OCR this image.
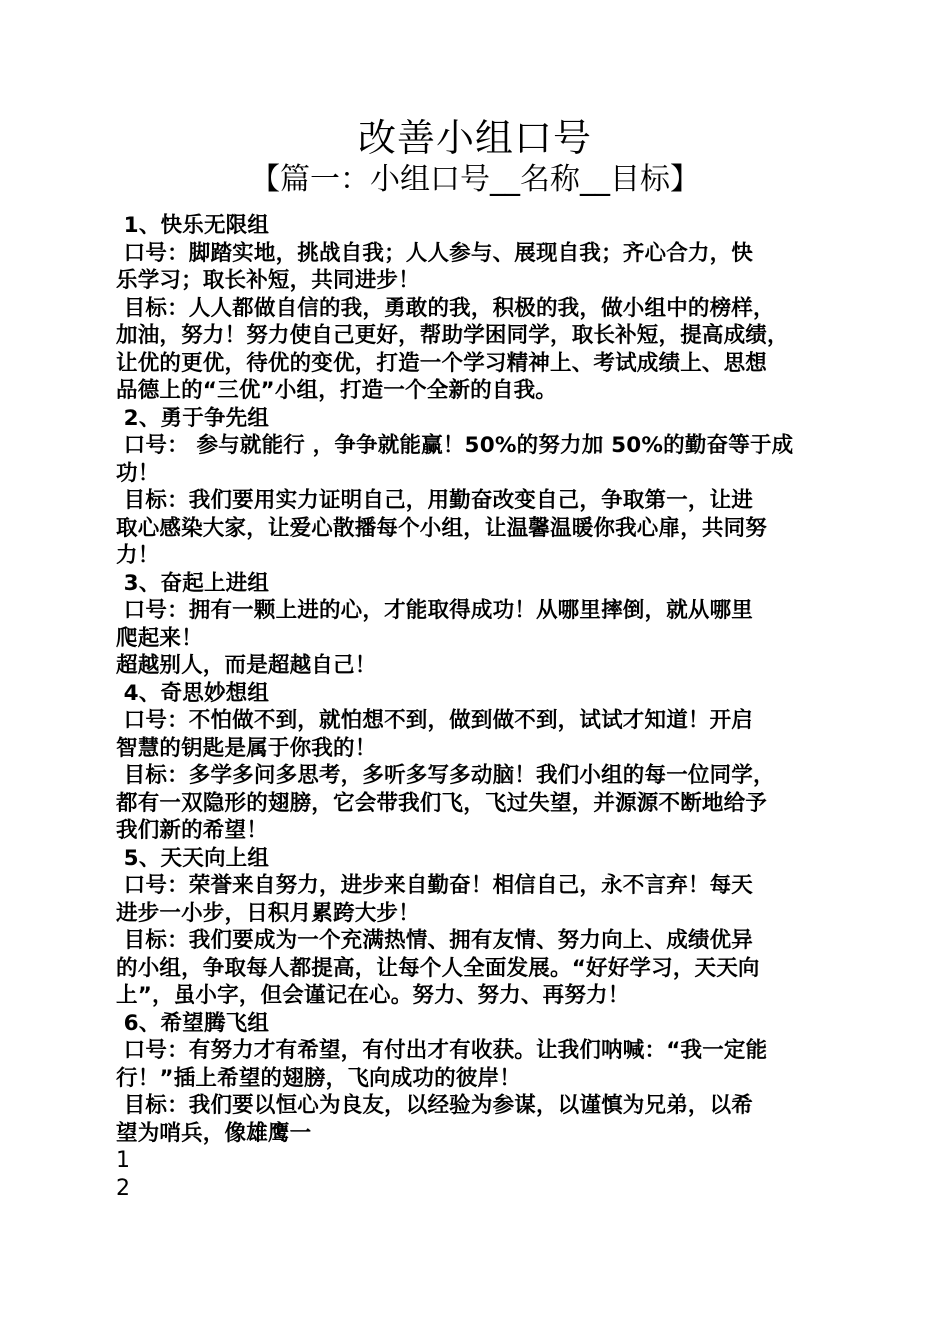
改善小组口号
【篇一：小组口号__名称__目标】
1、快乐无限组
口号：脚踏实地，挑战自我；人人参与、展现自我；齐心合力，快
乐学习；取长补短，共同进步！
目标：人人都做自信的我，勇敢的我，积极的我，做小组中的榜样，
加油，努力！努力使自己更好，帮助学困同学，取长补短，提高成绩，
让优的更优，待优的变优，打造一个学习精神上、考试成绩上、思想
品德上的“三优”小组，打造一个全新的自我。
2、勇于争先组
口号： 参与就能行 ，争争就能赢！50%的努力加 50%的勤奋等于成
功！
目标：我们要用实力证明自己，用勤奋改变自己，争取第一，让进
取心感染大家，让爱心散播每个小组，让温馨温暖你我心扉，共同努
力！
3、奋起上进组
口号：拥有一颗上进的心，才能取得成功！从哪里摔倒，就从哪里
爬起来！
超越别人，而是超越自己！
4、奇思妙想组
口号：不怕做不到，就怕想不到，做到做不到，试试才知道！开启
智慧的钥匙是属于你我的！
目标：多学多问多思考，多听多写多动脑！我们小组的每一位同学，
都有一双隐形的翅膀，它会带我们飞，飞过失望，并源源不断地给予
我们新的希望！
5、天天向上组
口号：荣誉来自努力，进步来自勤奋！相信自己，永不言弃！每天
进步一小步，日积月累跨大步！
目标：我们要成为一个充满热情、拥有友情、努力向上、成绩优异
的小组，争取每人都提高，让每个人全面发展。“好好学习，天天向
上”，虽小字，但会谨记在心。努力、努力、再努力！
6、希望腾飞组
口号：有努力才有希望，有付出才有收获。让我们呐喊：“我一定能
行！”插上希望的翅膀，飞向成功的彼岸！
目标：我们要以恒心为良友，以经验为参谋，以谨慎为兄弟，以希
望为哨兵，像雄鹰一
1
2
